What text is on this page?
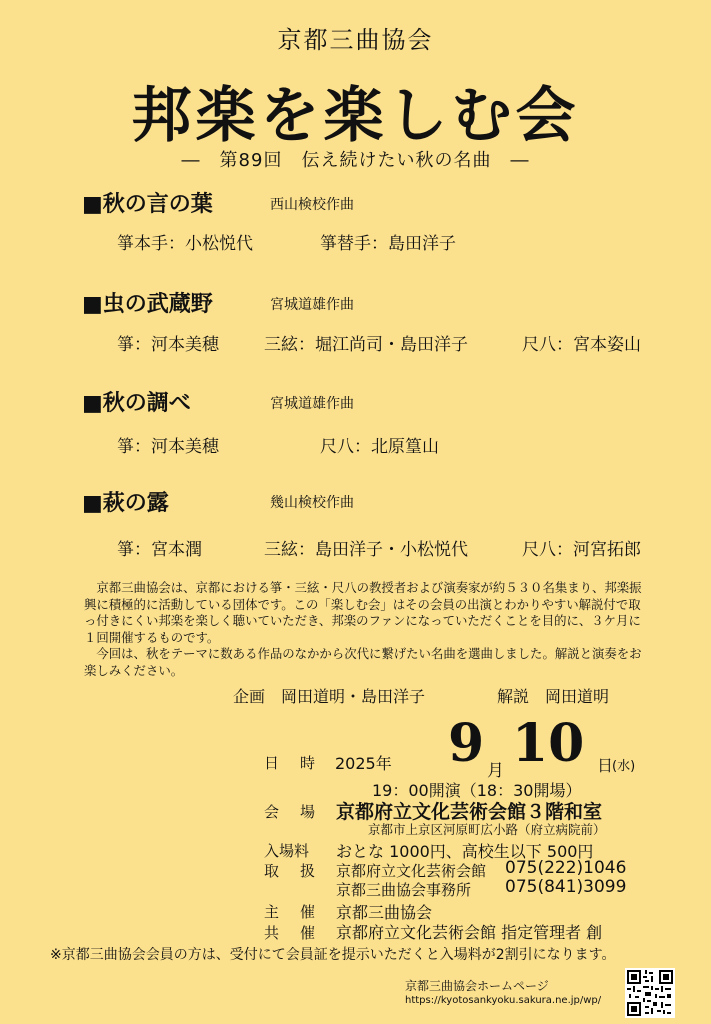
京都三曲協会
邦楽を楽しむ会
―　第89回　伝え続けたい秋の名曲　―
■秋の言の葉	西山検校作曲
箏本手：小松悦代	箏替手：島田洋子
■虫の武蔵野	宮城道雄作曲
箏：河本美穂	三絃：堀江尚司・島田洋子	尺八：宮本姿山
■秋の調べ	宮城道雄作曲
箏：河本美穂	尺八：北原篁山
■萩の露	幾山検校作曲
箏：宮本潤	三絃：島田洋子・小松悦代	尺八：河宮拓郎

京都三曲協会は、京都における箏・三絃・尺八の教授者および演奏家が約５３０名集まり、邦楽振興に積極的に活動している団体です。この「楽しむ会」はその会員の出演とわかりやすい解説付で取っ付きにくい邦楽を楽しく聴いていただき、邦楽のファンになっていただくことを目的に、３ケ月に１回開催するものです。

今回は、秋をテーマに数ある作品のなかから次代に繋げたい名曲を選曲しました。解説と演奏をお楽しみください。

企画　岡田道明・島田洋子	解説　岡田道明
日　時 2025年 9 月 10 日
(水)
19：00開演（18：30開場）
会　場 京都府立文化芸術会館３階和室
京都市上京区河原町広小路（府立病院前）
入場料 おとな 1000円、高校生以下 500円
取　扱 京都府立文化芸術会館 075(222)1046
京都三曲協会事務所 075(841)3099
主　催 京都三曲協会
共　催 京都府立文化芸術会館 指定管理者 創
※京都三曲協会会員の方は、受付にて会員証を提示いただくと入場料が2割引になります。
京都三曲協会ホームページ
https://kyotosankyoku.sakura.ne.jp/wp/
